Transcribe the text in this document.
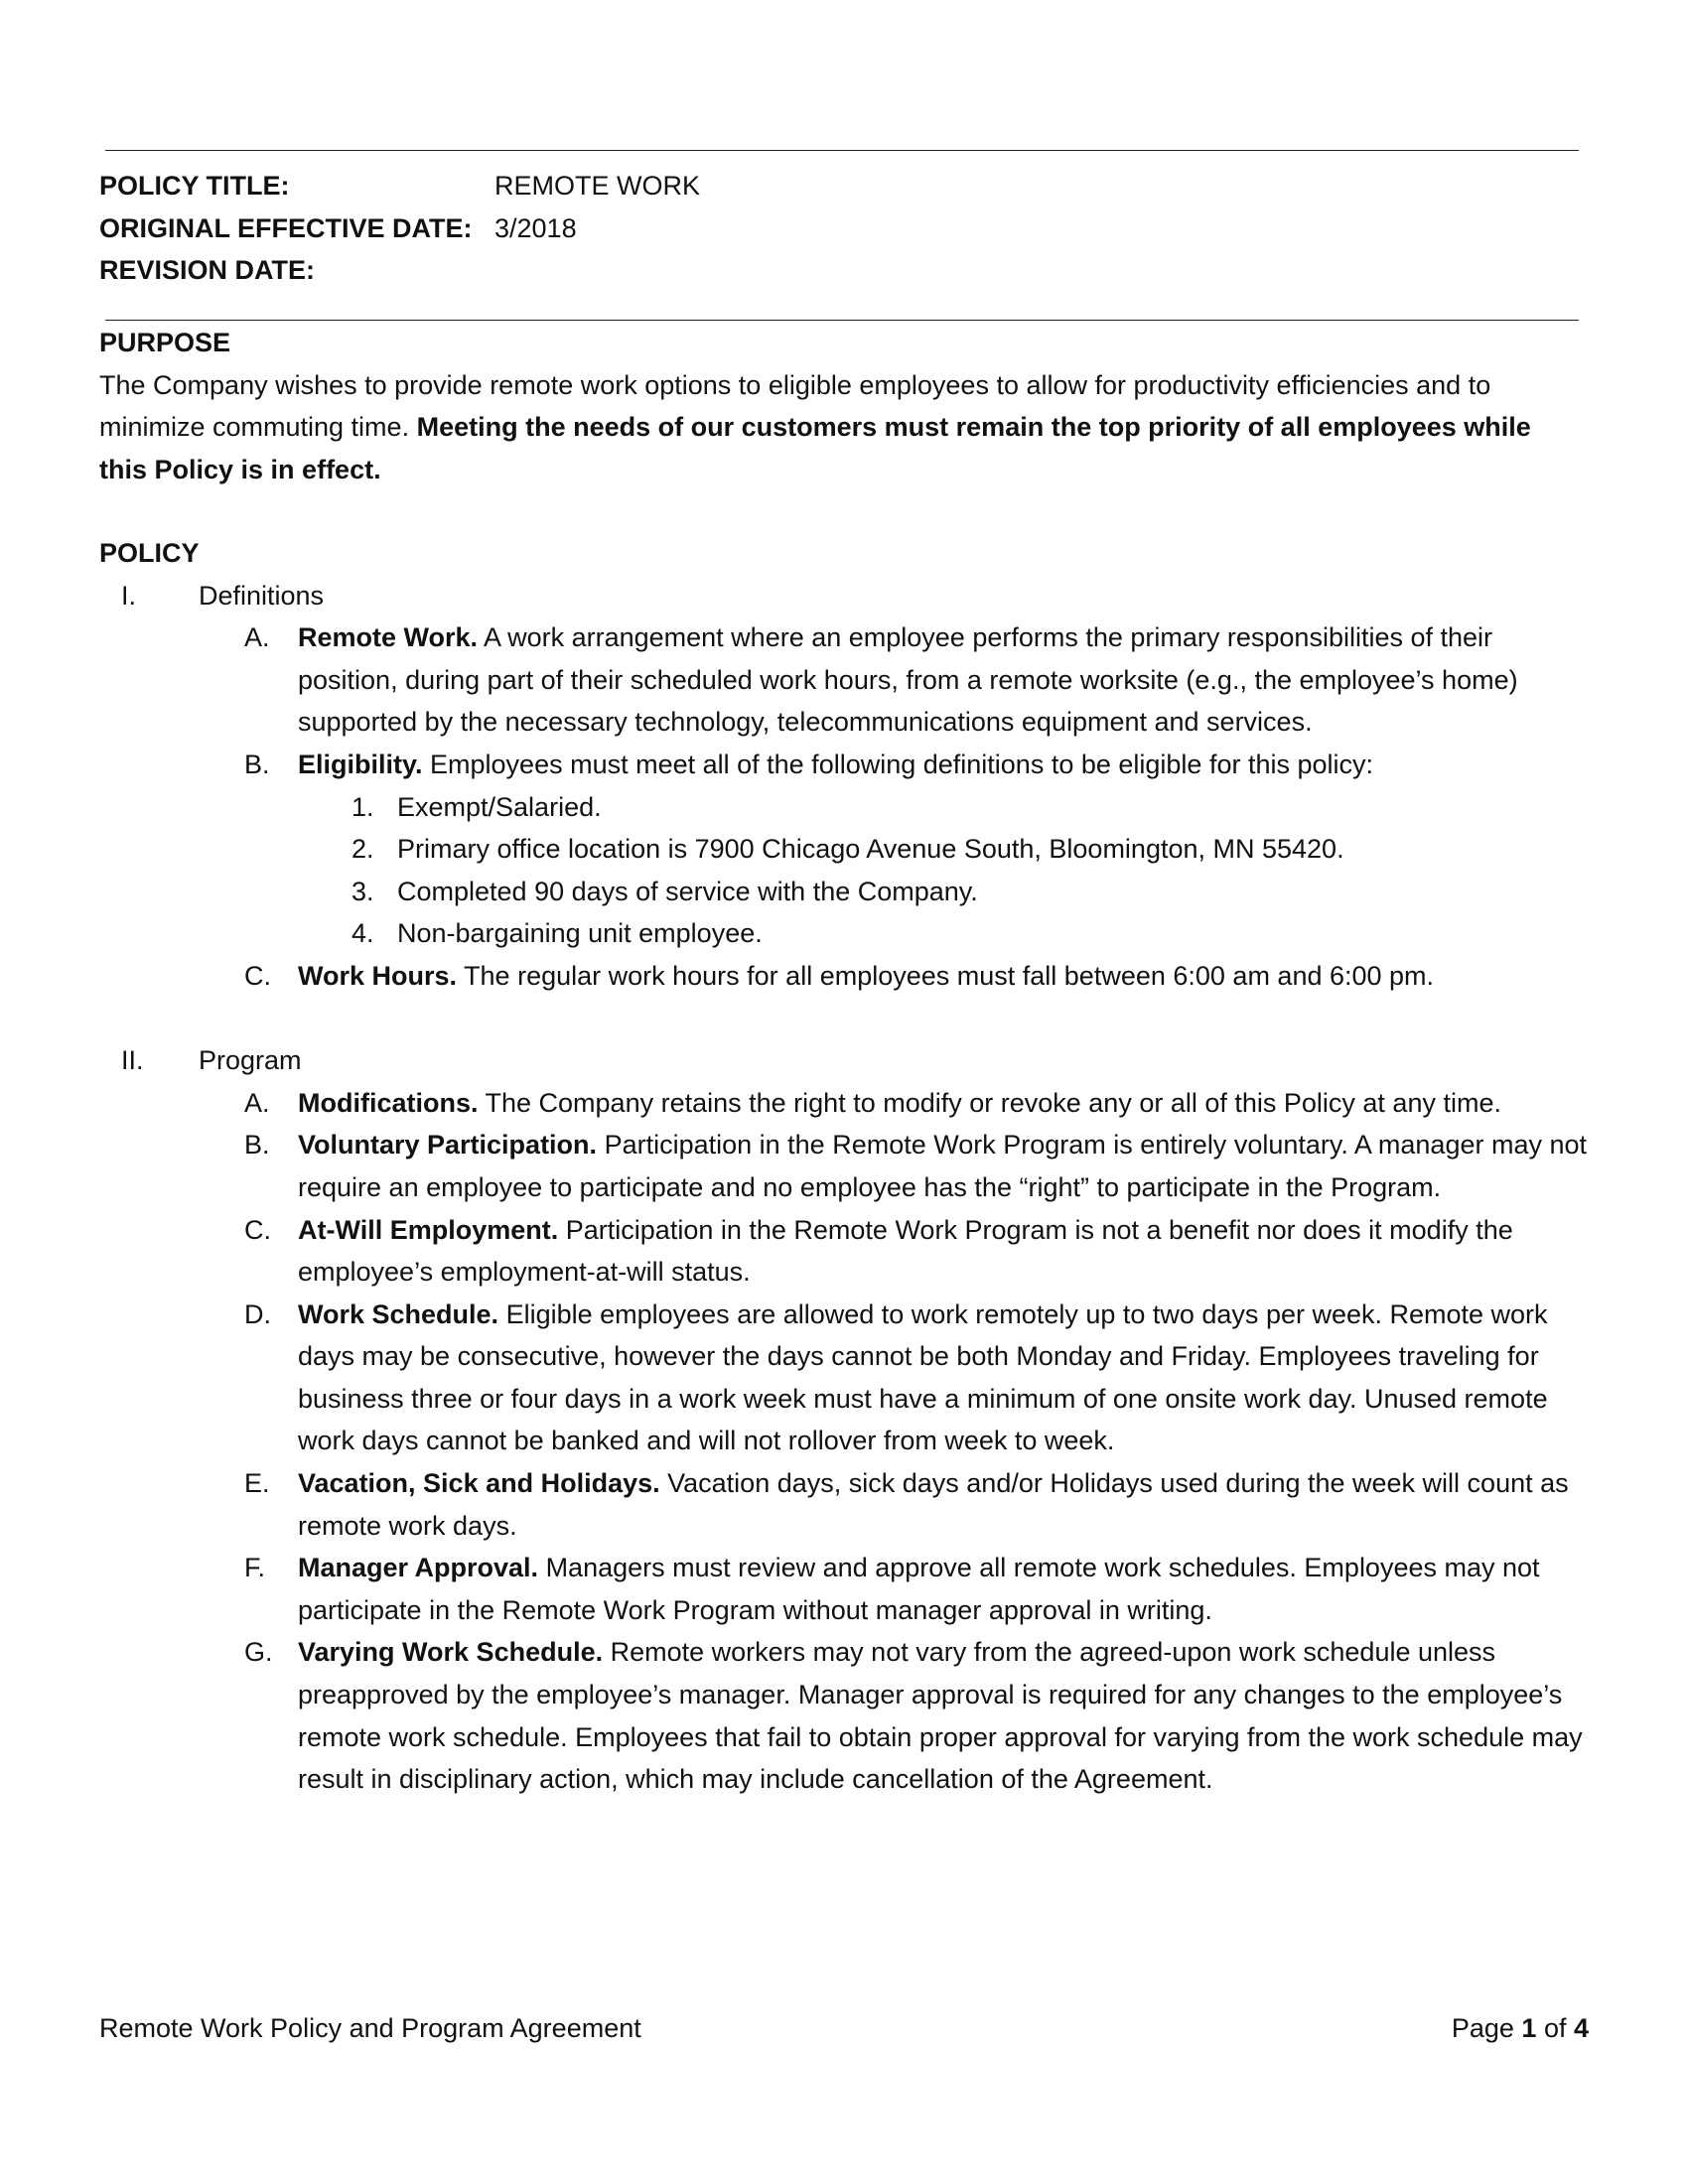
POLICY TITLE:	REMOTE WORK
ORIGINAL EFFECTIVE DATE: 3/2018
REVISION DATE:
PURPOSE
The Company wishes to provide remote work options to eligible employees to allow for productivity efficiencies and to minimize commuting time. Meeting the needs of our customers must remain the top priority of all employees while this Policy is in effect.
POLICY
I.	Definitions
A.	Remote Work. A work arrangement where an employee performs the primary responsibilities of their position, during part of their scheduled work hours, from a remote worksite (e.g., the employee’s home) supported by the necessary technology, telecommunications equipment and services.
B.	Eligibility. Employees must meet all of the following definitions to be eligible for this policy:
1. Exempt/Salaried.
2. Primary office location is 7900 Chicago Avenue South, Bloomington, MN 55420.
3. Completed 90 days of service with the Company.
4. Non-bargaining unit employee.
C.	Work Hours. The regular work hours for all employees must fall between 6:00 am and 6:00 pm.
II.	Program
A.	Modifications. The Company retains the right to modify or revoke any or all of this Policy at any time.
B.	Voluntary Participation. Participation in the Remote Work Program is entirely voluntary. A manager may not require an employee to participate and no employee has the “right” to participate in the Program.
C.	At-Will Employment. Participation in the Remote Work Program is not a benefit nor does it modify the employee’s employment-at-will status.
D.	Work Schedule. Eligible employees are allowed to work remotely up to two days per week. Remote work days may be consecutive, however the days cannot be both Monday and Friday. Employees traveling for business three or four days in a work week must have a minimum of one onsite work day. Unused remote work days cannot be banked and will not rollover from week to week.
E.	Vacation, Sick and Holidays. Vacation days, sick days and/or Holidays used during the week will count as remote work days.
F.	Manager Approval. Managers must review and approve all remote work schedules. Employees may not participate in the Remote Work Program without manager approval in writing.
G. Varying Work Schedule. Remote workers may not vary from the agreed-upon work schedule unless preapproved by the employee’s manager. Manager approval is required for any changes to the employee’s remote work schedule. Employees that fail to obtain proper approval for varying from the work schedule may result in disciplinary action, which may include cancellation of the Agreement.
Remote Work Policy and Program Agreement	Page 1 of 4
